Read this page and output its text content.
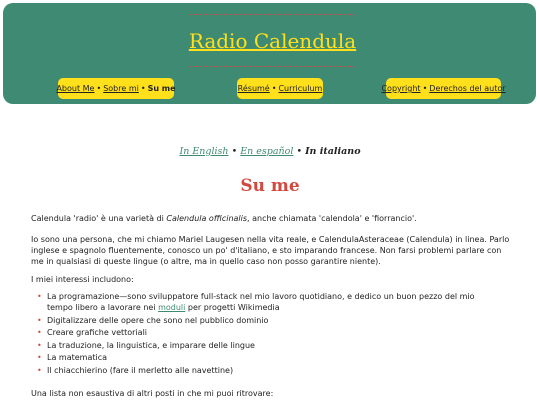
Radio Calendula
About Me • Sobre mi • Su me	Résumé • Curriculum	Copyright • Derechos del autor
In English • En español • In italiano
Su me

Calendula 'radio' è una varietà di Calendula officinalis, anche chiamata 'calendola' e 'fiorrancio'.

Io sono una persona, che mi chiamo Mariel Laugesen nella vita reale, e CalendulaAsteraceae (Calendula) in linea. Parlo inglese e spagnolo fluentemente, conosco un po' d'italiano, e sto imparando francese. Non farsi problemi parlare con me in qualsiasi di queste lingue (o altre, ma in quello caso non posso garantire niente).

I miei interessi includono:

• La programazione—sono sviluppatore full-stack nel mio lavoro quotidiano, e dedico un buon pezzo del mio tempo libero a lavorare nei moduli per progetti Wikimedia
• Digitalizzare delle opere che sono nel pubblico dominio
• Creare grafiche vettoriali
• La traduzione, la linguistica, e imparare delle lingue
• La matematica
• Il chiacchierino (fare il merletto alle navettine)

Una lista non esaustiva di altri posti in che mi puoi ritrovare:
